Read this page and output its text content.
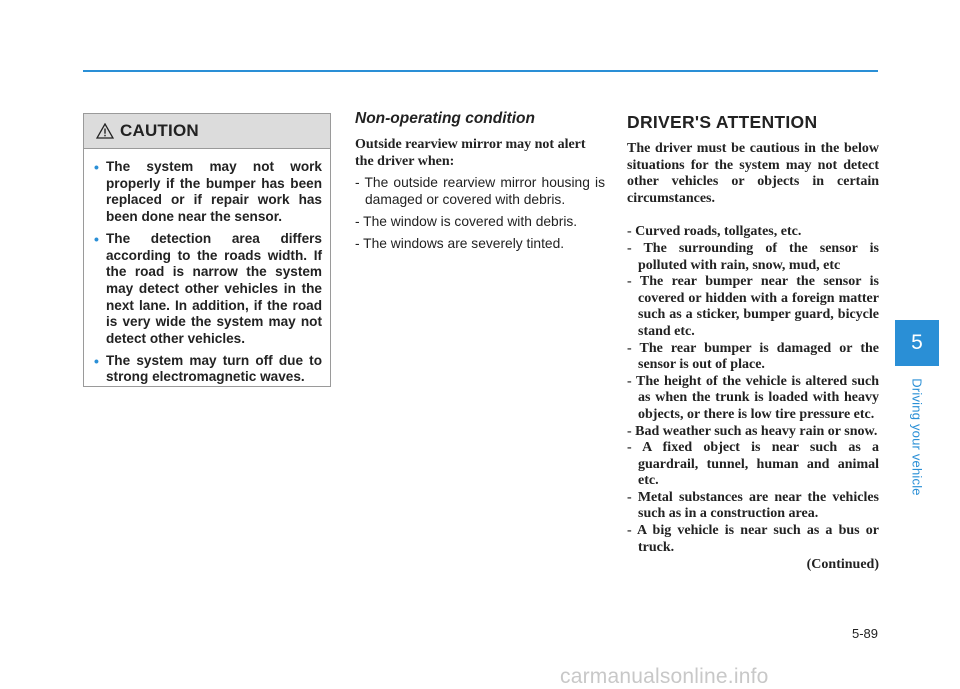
CAUTION
• The system may not work properly if the bumper has been replaced or if repair work has been done near the sensor.
• The detection area differs according to the roads width. If the road is narrow the system may detect other vehicles in the next lane. In addition, if the road is very wide the system may not detect other vehicles.
• The system may turn off due to strong electromagnetic waves.
Non-operating condition

Outside rearview mirror may not alert the driver when:

- The outside rearview mirror housing is damaged or covered with debris.
- The window is covered with debris.
- The windows are severely tinted.
DRIVER'S ATTENTION

The driver must be cautious in the below situations for the system may not detect other vehicles or objects in certain circumstances.

- Curved roads, tollgates, etc.
- The surrounding of the sensor is polluted with rain, snow, mud, etc
- The rear bumper near the sensor is covered or hidden with a foreign matter such as a sticker, bumper guard, bicycle stand etc.
- The rear bumper is damaged or the sensor is out of place.
- The height of the vehicle is altered such as when the trunk is loaded with heavy objects, or there is low tire pressure etc.
- Bad weather such as heavy rain or snow.
- A fixed object is near such as a guardrail, tunnel, human and animal etc.
- Metal substances are near the vehicles such as in a construction area.
- A big vehicle is near such as a bus or truck.
(Continued)
5
Driving your vehicle
5-89
carmanualsonline.info
